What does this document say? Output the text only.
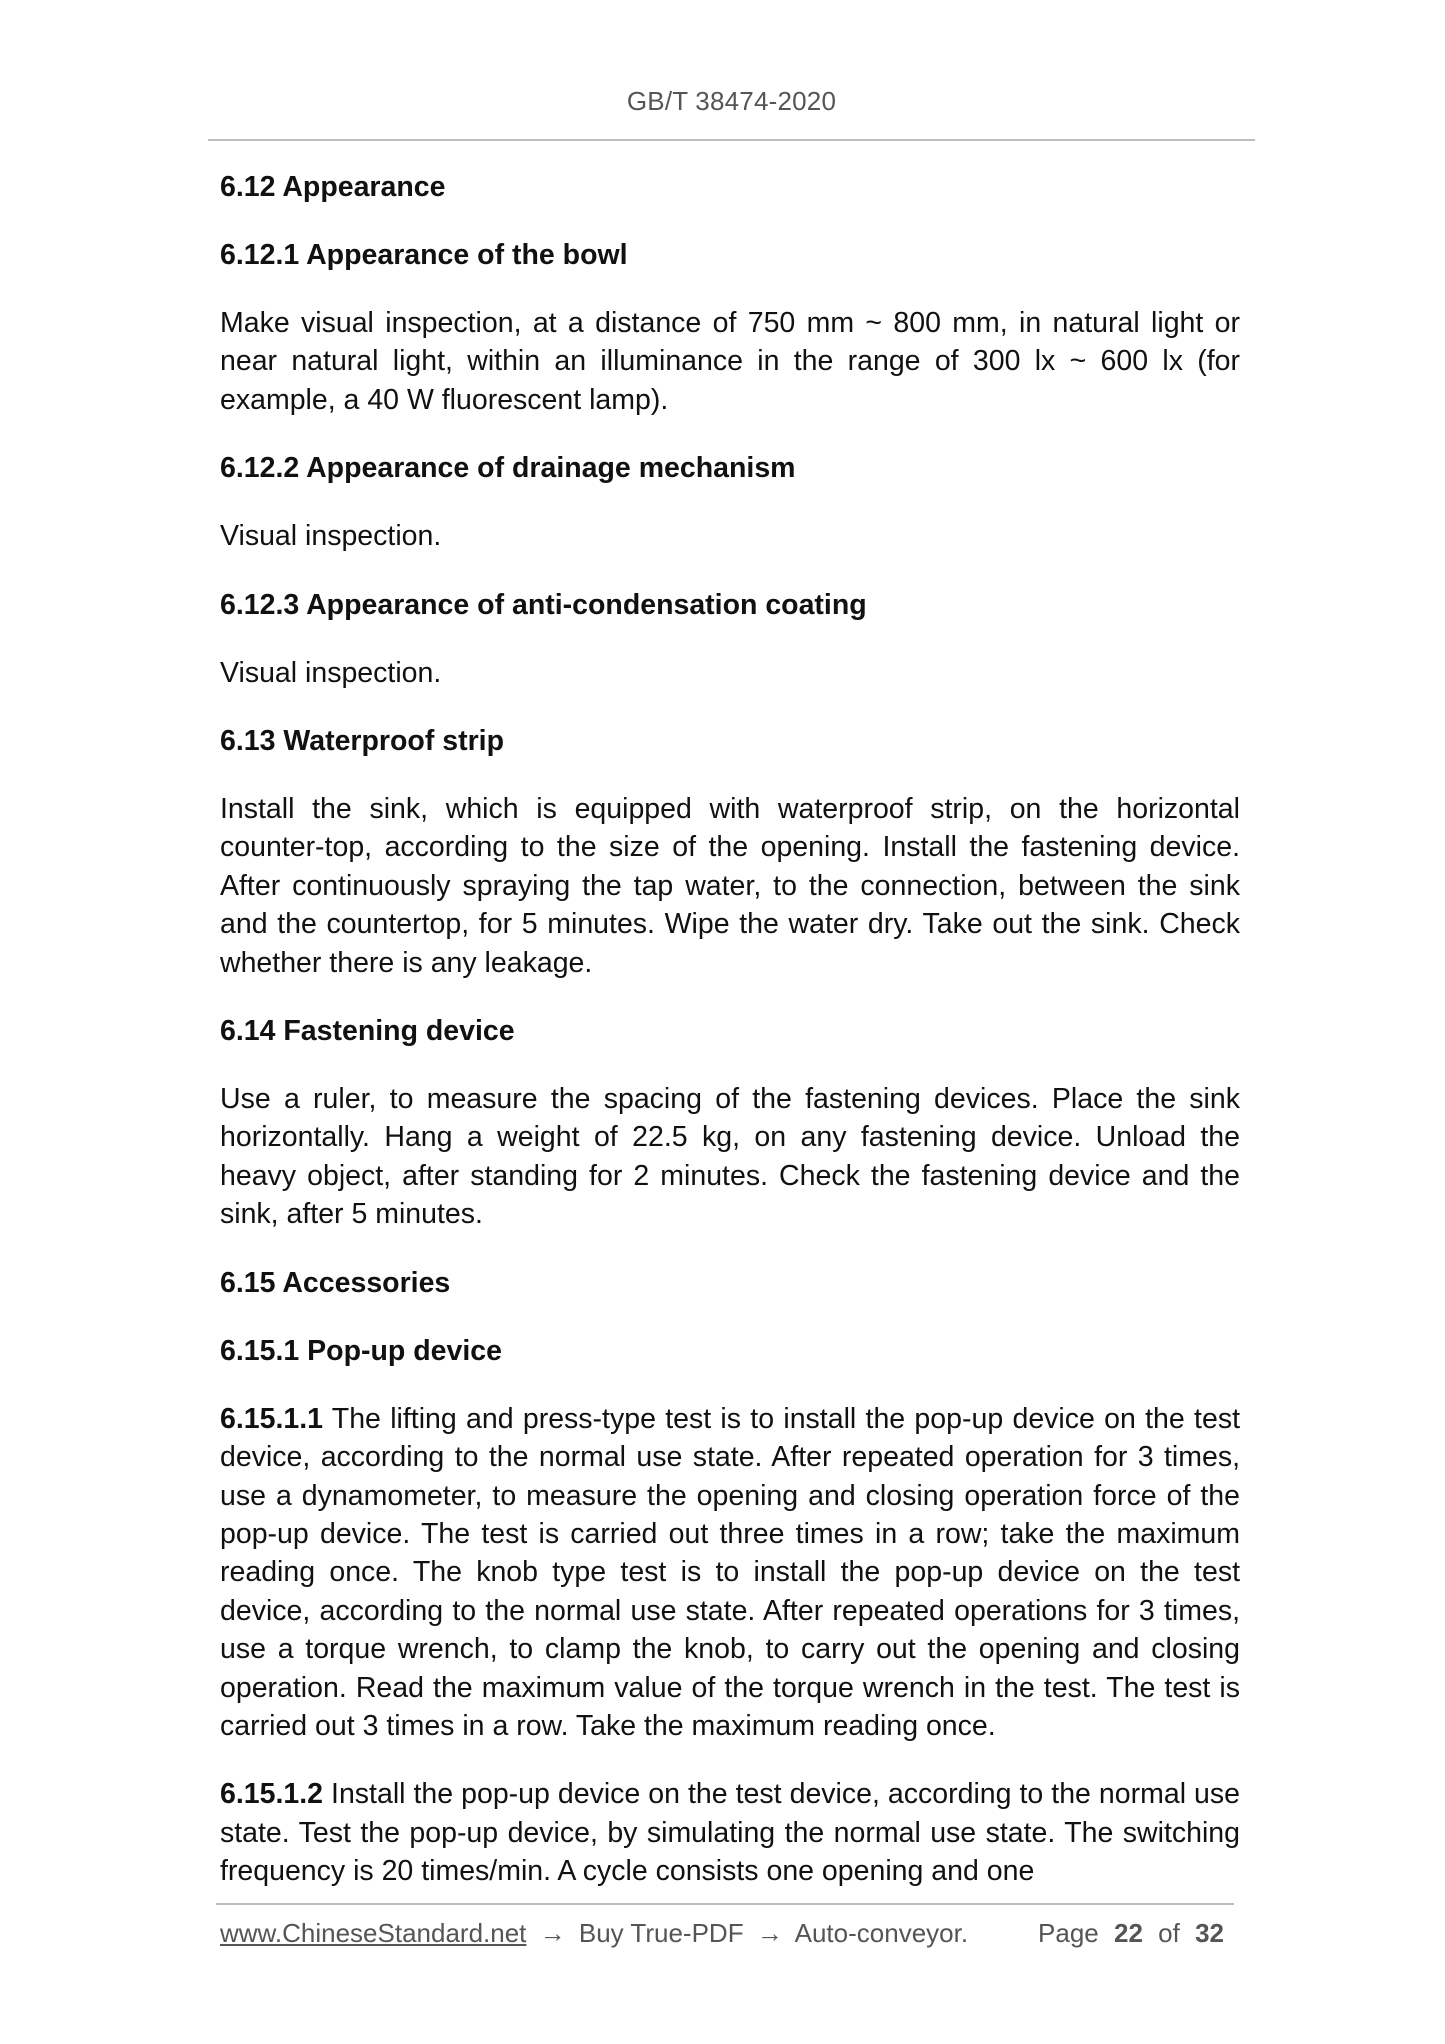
GB/T 38474-2020
6.12 Appearance
6.12.1 Appearance of the bowl
Make visual inspection, at a distance of 750 mm ~ 800 mm, in natural light or near natural light, within an illuminance in the range of 300 lx ~ 600 lx (for example, a 40 W fluorescent lamp).
6.12.2 Appearance of drainage mechanism
Visual inspection.
6.12.3 Appearance of anti-condensation coating
Visual inspection.
6.13 Waterproof strip
Install the sink, which is equipped with waterproof strip, on the horizontal counter-top, according to the size of the opening. Install the fastening device. After continuously spraying the tap water, to the connection, between the sink and the countertop, for 5 minutes. Wipe the water dry. Take out the sink. Check whether there is any leakage.
6.14 Fastening device
Use a ruler, to measure the spacing of the fastening devices. Place the sink horizontally. Hang a weight of 22.5 kg, on any fastening device. Unload the heavy object, after standing for 2 minutes. Check the fastening device and the sink, after 5 minutes.
6.15 Accessories
6.15.1 Pop-up device
6.15.1.1 The lifting and press-type test is to install the pop-up device on the test device, according to the normal use state. After repeated operation for 3 times, use a dynamometer, to measure the opening and closing operation force of the pop-up device. The test is carried out three times in a row; take the maximum reading once. The knob type test is to install the pop-up device on the test device, according to the normal use state. After repeated operations for 3 times, use a torque wrench, to clamp the knob, to carry out the opening and closing operation. Read the maximum value of the torque wrench in the test. The test is carried out 3 times in a row. Take the maximum reading once.
6.15.1.2 Install the pop-up device on the test device, according to the normal use state. Test the pop-up device, by simulating the normal use state. The switching frequency is 20 times/min. A cycle consists one opening and one
www.ChineseStandard.net → Buy True-PDF → Auto-conveyor.	Page 22 of 32
